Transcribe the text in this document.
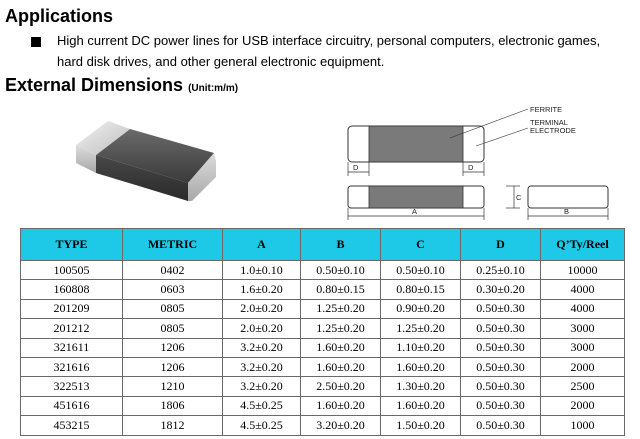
Applications
High current DC power lines for USB interface circuitry, personal computers, electronic games,
hard disk drives, and other general electronic equipment.
External Dimensions (Unit:m/m)
D	D
FERRITE
TERMINAL
ELECTRODE
A
C
B
TYPE	METRIC	A	B	C	D	Q’Ty/Reel
100505	0402	1.0±0.10	0.50±0.10	0.50±0.10	0.25±0.10	10000
160808	0603	1.6±0.20	0.80±0.15	0.80±0.15	0.30±0.20	4000
201209	0805	2.0±0.20	1.25±0.20	0.90±0.20	0.50±0.30	4000
201212	0805	2.0±0.20	1.25±0.20	1.25±0.20	0.50±0.30	3000
321611	1206	3.2±0.20	1.60±0.20	1.10±0.20	0.50±0.30	3000
321616	1206	3.2±0.20	1.60±0.20	1.60±0.20	0.50±0.30	2000
322513	1210	3.2±0.20	2.50±0.20	1.30±0.20	0.50±0.30	2500
451616	1806	4.5±0.25	1.60±0.20	1.60±0.20	0.50±0.30	2000
453215	1812	4.5±0.25	3.20±0.20	1.50±0.20	0.50±0.30	1000
